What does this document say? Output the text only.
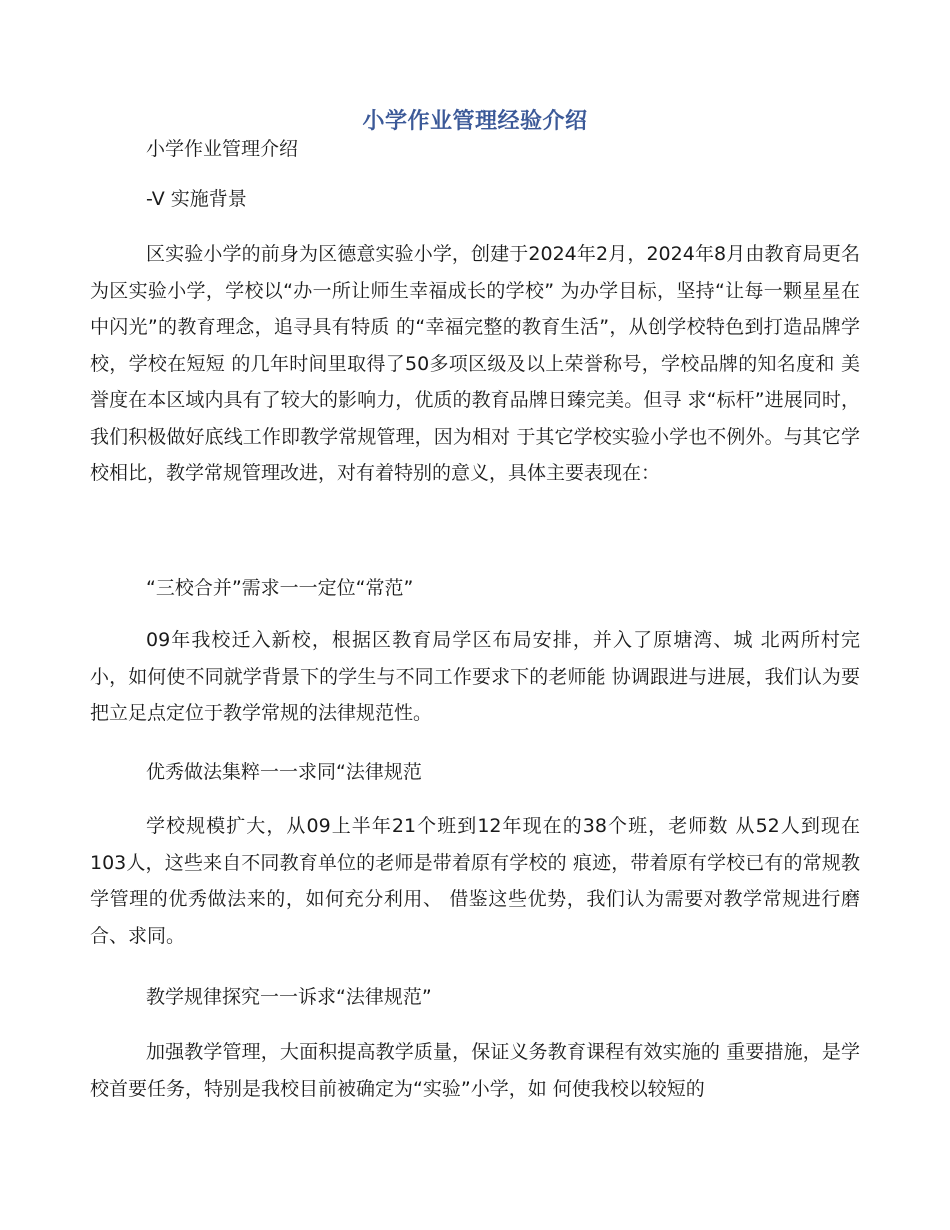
小学作业管理经验介绍
小学作业管理介绍
-V 实施背景
区实验小学的前身为区德意实验小学，创建于2024年2月，2024年8月由教育局更名为区实验小学，学校以“办一所让师生幸福成长的学校” 为办学目标，坚持“让每一颗星星在中闪光”的教育理念，追寻具有特质 的“幸福完整的教育生活”，从创学校特色到打造品牌学校，学校在短短 的几年时间里取得了50多项区级及以上荣誉称号，学校品牌的知名度和 美誉度在本区域内具有了较大的影响力，优质的教育品牌日臻完美。但寻 求“标杆”进展同时，我们积极做好底线工作即教学常规管理，因为相对 于其它学校实验小学也不例外。与其它学校相比，教学常规管理改进，对有着特别的意义，具体主要表现在：
“三校合并”需求一一定位“常范”
09年我校迁入新校，根据区教育局学区布局安排，并入了原塘湾、城 北两所村完小，如何使不同就学背景下的学生与不同工作要求下的老师能 协调跟进与进展，我们认为要把立足点定位于教学常规的法律规范性。
优秀做法集粹一一求同“法律规范
学校规模扩大，从09上半年21个班到12年现在的38个班，老师数 从52人到现在103人，这些来自不同教育单位的老师是带着原有学校的 痕迹，带着原有学校已有的常规教学管理的优秀做法来的，如何充分利用、 借鉴这些优势，我们认为需要对教学常规进行磨合、求同。
教学规律探究一一诉求“法律规范”
加强教学管理，大面积提高教学质量，保证义务教育课程有效实施的 重要措施，是学校首要任务，特别是我校目前被确定为“实验”小学，如 何使我校以较短的
